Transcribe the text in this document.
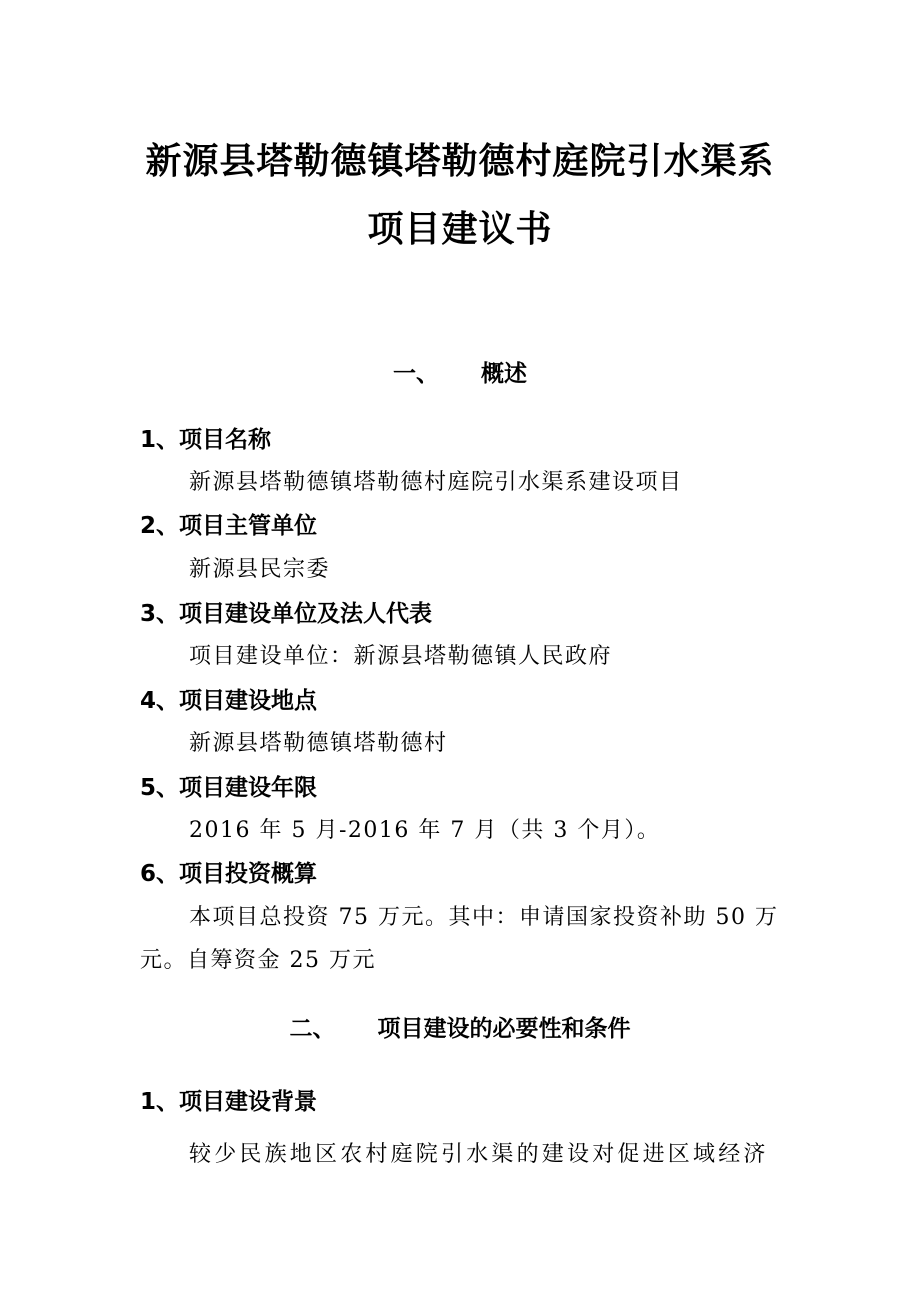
新源县塔勒德镇塔勒德村庭院引水渠系
项目建议书
一、 概述
1、项目名称
新源县塔勒德镇塔勒德村庭院引水渠系建设项目
2、项目主管单位
新源县民宗委
3、项目建设单位及法人代表
项目建设单位：新源县塔勒德镇人民政府
4、项目建设地点
新源县塔勒德镇塔勒德村
5、项目建设年限
2016 年 5 月-2016 年 7 月（共 3 个月）。
6、项目投资概算
本项目总投资 75 万元。其中：申请国家投资补助 50 万
元。自筹资金 25 万元
二、 项目建设的必要性和条件
1、项目建设背景
较少民族地区农村庭院引水渠的建设对促进区域经济
